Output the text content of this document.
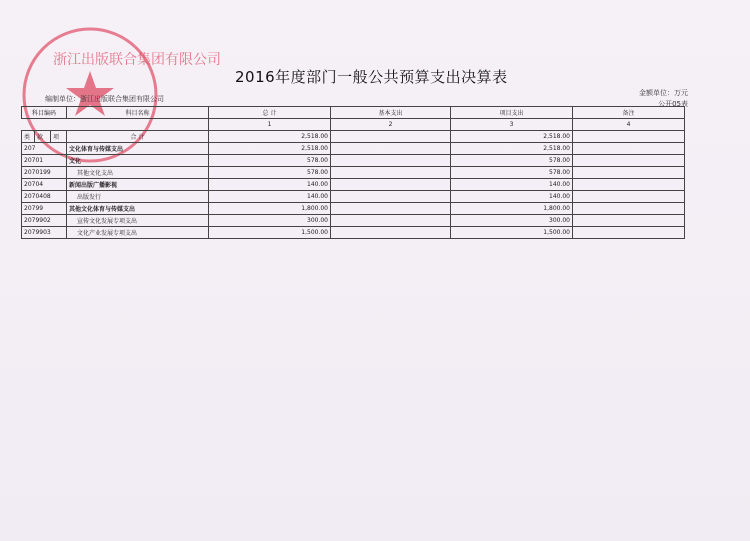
浙江出版联合集团有限公司
2016年度部门一般公共预算支出决算表
编制单位：浙江出版联合集团有限公司
金额单位：万元
公开05表
科目编码			科目名称	总 计	基本支出	项目支出	备注
				1	2	3	4
类	款	项	合 计	2,518.00		2,518.00	
207			文化体育与传媒支出	2,518.00		2,518.00	
20701			文化	578.00		578.00	
2070199			其他文化支出	578.00		578.00	
20704			新闻出版广播影视	140.00		140.00	
2070408			出版发行	140.00		140.00	
20799			其他文化体育与传媒支出	1,800.00		1,800.00	
2079902			宣传文化发展专项支出	300.00		300.00	
2079903			文化产业发展专项支出	1,500.00		1,500.00	
